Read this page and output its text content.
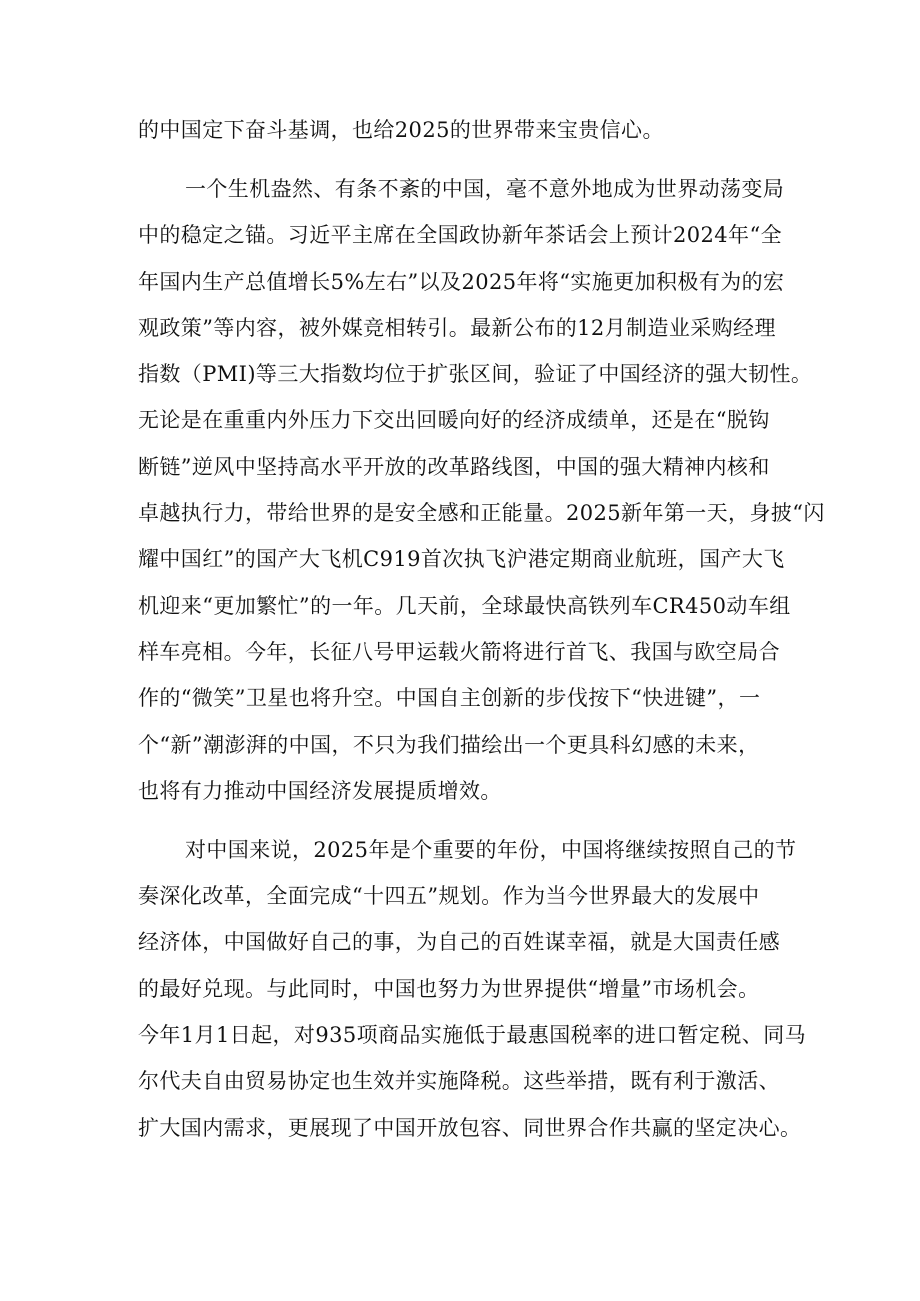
的中国定下奋斗基调，也给2025的世界带来宝贵信心。
一个生机盎然、有条不紊的中国，毫不意外地成为世界动荡变局
中的稳定之锚。习近平主席在全国政协新年茶话会上预计2024年“全
年国内生产总值增长5%左右”以及2025年将“实施更加积极有为的宏
观政策”等内容，被外媒竞相转引。最新公布的12月制造业采购经理
指数（PMI)等三大指数均位于扩张区间，验证了中国经济的强大韧性。
无论是在重重内外压力下交出回暖向好的经济成绩单，还是在“脱钩
断链”逆风中坚持高水平开放的改革路线图，中国的强大精神内核和
卓越执行力，带给世界的是安全感和正能量。2025新年第一天，身披“闪
耀中国红”的国产大飞机C919首次执飞沪港定期商业航班，国产大飞
机迎来“更加繁忙”的一年。几天前，全球最快高铁列车CR450动车组
样车亮相。今年，长征八号甲运载火箭将进行首飞、我国与欧空局合
作的“微笑”卫星也将升空。中国自主创新的步伐按下“快进键”，一
个“新”潮澎湃的中国，不只为我们描绘出一个更具科幻感的未来，
也将有力推动中国经济发展提质增效。
对中国来说，2025年是个重要的年份，中国将继续按照自己的节
奏深化改革，全面完成“十四五”规划。作为当今世界最大的发展中
经济体，中国做好自己的事，为自己的百姓谋幸福，就是大国责任感
的最好兑现。与此同时，中国也努力为世界提供“增量”市场机会。
今年1月1日起，对935项商品实施低于最惠国税率的进口暂定税、同马
尔代夫自由贸易协定也生效并实施降税。这些举措，既有利于激活、
扩大国内需求，更展现了中国开放包容、同世界合作共赢的坚定决心。
